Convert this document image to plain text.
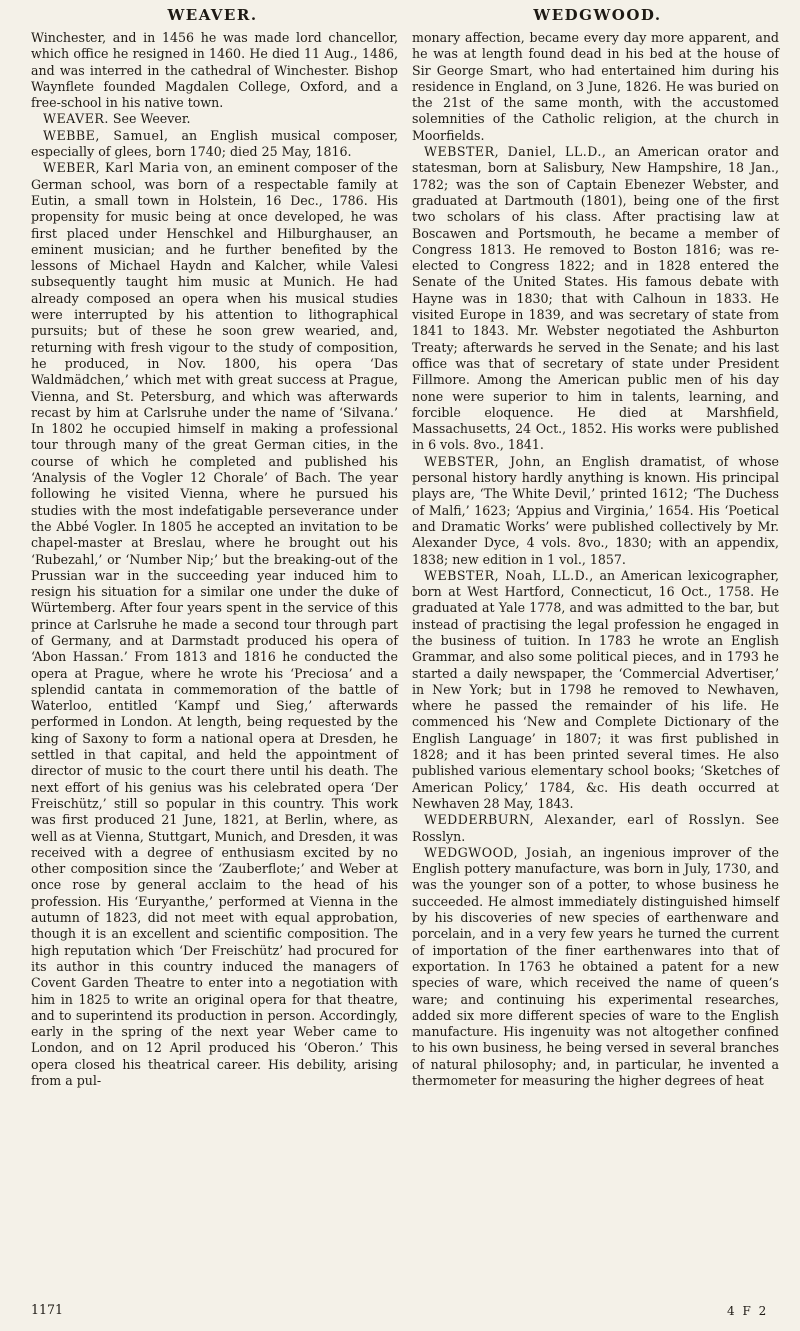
WEAVER.	WEDGWOOD.

Winchester, and in 1456 he was made lord chancellor, which office he resigned in 1460. He died 11 Aug., 1486, and was interred in the cathedral of Winchester. Bishop Waynflete founded Magdalen College, Oxford, and a free-school in his native town.

WEAVER. See Weever.

WEBBE, Samuel, an English musical composer, especially of glees, born 1740; died 25 May, 1816.

WEBER, Karl Maria von, an eminent composer of the German school, was born of a respectable family at Eutin, a small town in Holstein, 16 Dec., 1786. His propensity for music being at once developed, he was first placed under Henschkel and Hilburghauser, an eminent musician; and he further benefited by the lessons of Michael Haydn and Kalcher, while Valesi subsequently taught him music at Munich. He had already composed an opera when his musical studies were interrupted by his attention to lithographical pursuits; but of these he soon grew wearied, and, returning with fresh vigour to the study of composition, he produced, in Nov. 1800, his opera ‘Das Waldmädchen,’ which met with great success at Prague, Vienna, and St. Petersburg, and which was afterwards recast by him at Carlsruhe under the name of ‘Silvana.’ In 1802 he occupied himself in making a professional tour through many of the great German cities, in the course of which he completed and published his ‘Analysis of the Vogler 12 Chorale’ of Bach. The year following he visited Vienna, where he pursued his studies with the most indefatigable perseverance under the Abbé Vogler. In 1805 he accepted an invitation to be chapel-master at Breslau, where he brought out his ‘Rubezahl,’ or ‘Number Nip;’ but the breaking-out of the Prussian war in the succeeding year induced him to resign his situation for a similar one under the duke of Würtemberg. After four years spent in the service of this prince at Carlsruhe he made a second tour through part of Germany, and at Darmstadt produced his opera of ‘Abon Hassan.’ From 1813 and 1816 he conducted the opera at Prague, where he wrote his ‘Preciosa’ and a splendid cantata in commemoration of the battle of Waterloo, entitled ‘Kampf und Sieg,’ afterwards performed in London. At length, being requested by the king of Saxony to form a national opera at Dresden, he settled in that capital, and held the appointment of director of music to the court there until his death. The next effort of his genius was his celebrated opera ‘Der Freischütz,’ still so popular in this country. This work was first produced 21 June, 1821, at Berlin, where, as well as at Vienna, Stuttgart, Munich, and Dresden, it was received with a degree of enthusiasm excited by no other composition since the ‘Zauberflote;’ and Weber at once rose by general acclaim to the head of his profession. His ‘Euryanthe,’ performed at Vienna in the autumn of 1823, did not meet with equal approbation, though it is an excellent and scientific composition. The high reputation which ‘Der Freischütz’ had procured for its author in this country induced the managers of Covent Garden Theatre to enter into a negotiation with him in 1825 to write an original opera for that theatre, and to superintend its production in person. Accordingly, early in the spring of the next year Weber came to London, and on 12 April produced his ‘Oberon.’ This opera closed his theatrical career. His debility, arising from a pul-

monary affection, became every day more apparent, and he was at length found dead in his bed at the house of Sir George Smart, who had entertained him during his residence in England, on 3 June, 1826. He was buried on the 21st of the same month, with the accustomed solemnities of the Catholic religion, at the church in Moorfields.

WEBSTER, Daniel, LL.D., an American orator and statesman, born at Salisbury, New Hampshire, 18 Jan., 1782; was the son of Captain Ebenezer Webster, and graduated at Dartmouth (1801), being one of the first two scholars of his class. After practising law at Boscawen and Portsmouth, he became a member of Congress 1813. He removed to Boston 1816; was re-elected to Congress 1822; and in 1828 entered the Senate of the United States. His famous debate with Hayne was in 1830; that with Calhoun in 1833. He visited Europe in 1839, and was secretary of state from 1841 to 1843. Mr. Webster negotiated the Ashburton Treaty; afterwards he served in the Senate; and his last office was that of secretary of state under President Fillmore. Among the American public men of his day none were superior to him in talents, learning, and forcible eloquence. He died at Marshfield, Massachusetts, 24 Oct., 1852. His works were published in 6 vols. 8vo., 1841.

WEBSTER, John, an English dramatist, of whose personal history hardly anything is known. His principal plays are, ‘The White Devil,’ printed 1612; ‘The Duchess of Malfi,’ 1623; ‘Appius and Virginia,’ 1654. His ‘Poetical and Dramatic Works’ were published collectively by Mr. Alexander Dyce, 4 vols. 8vo., 1830; with an appendix, 1838; new edition in 1 vol., 1857.

WEBSTER, Noah, LL.D., an American lexicographer, born at West Hartford, Connecticut, 16 Oct., 1758. He graduated at Yale 1778, and was admitted to the bar, but instead of practising the legal profession he engaged in the business of tuition. In 1783 he wrote an English Grammar, and also some political pieces, and in 1793 he started a daily newspaper, the ‘Commercial Advertiser,’ in New York; but in 1798 he removed to Newhaven, where he passed the remainder of his life. He commenced his ‘New and Complete Dictionary of the English Language’ in 1807; it was first published in 1828; and it has been printed several times. He also published various elementary school books; ‘Sketches of American Policy,’ 1784, &c. His death occurred at Newhaven 28 May, 1843.

WEDDERBURN, Alexander, earl of Rosslyn. See Rosslyn.

WEDGWOOD, Josiah, an ingenious improver of the English pottery manufacture, was born in July, 1730, and was the younger son of a potter, to whose business he succeeded. He almost immediately distinguished himself by his discoveries of new species of earthenware and porcelain, and in a very few years he turned the current of importation of the finer earthenwares into that of exportation. In 1763 he obtained a patent for a new species of ware, which received the name of queen’s ware; and continuing his experimental researches, added six more different species of ware to the English manufacture. His ingenuity was not altogether confined to his own business, he being versed in several branches of natural philosophy; and, in particular, he invented a thermometer for measuring the higher degrees of heat

1171	4 F 2
